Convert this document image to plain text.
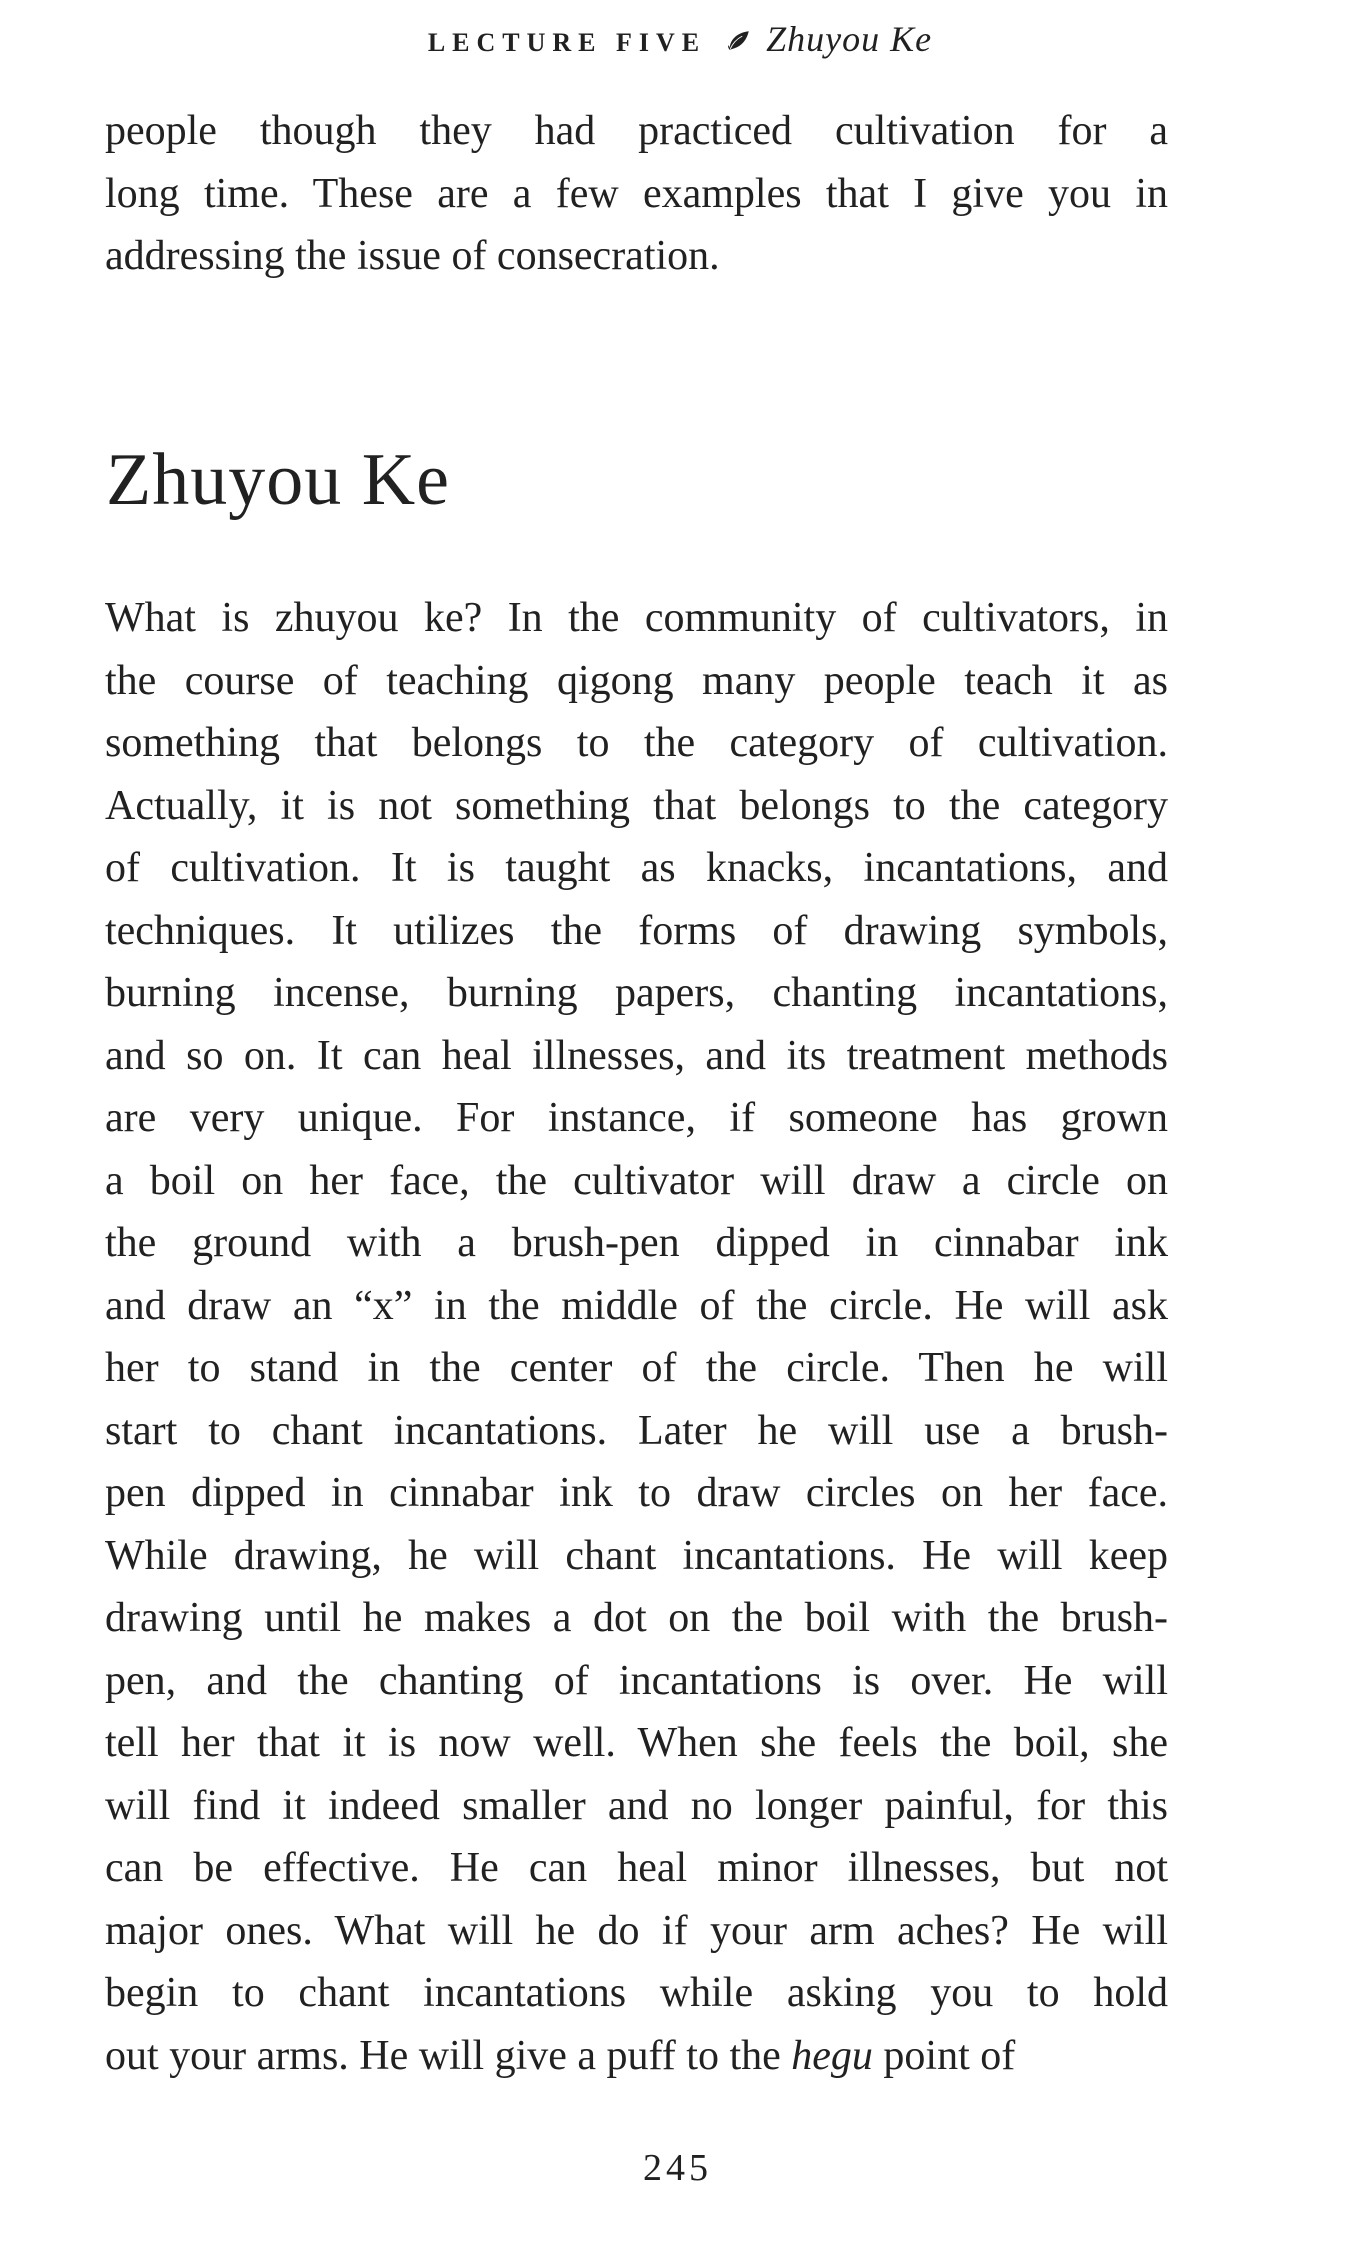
LECTURE FIVE Zhuyou Ke
people though they had practiced cultivation for a
long time. These are a few examples that I give you in
addressing the issue of consecration.
Zhuyou Ke
What is zhuyou ke? In the community of cultivators, in
the course of teaching qigong many people teach it as
something that belongs to the category of cultivation.
Actually, it is not something that belongs to the category
of cultivation. It is taught as knacks, incantations, and
techniques. It utilizes the forms of drawing symbols,
burning incense, burning papers, chanting incantations,
and so on. It can heal illnesses, and its treatment methods
are very unique. For instance, if someone has grown
a boil on her face, the cultivator will draw a circle on
the ground with a brush-pen dipped in cinnabar ink
and draw an “x” in the middle of the circle. He will ask
her to stand in the center of the circle. Then he will
start to chant incantations. Later he will use a brush-
pen dipped in cinnabar ink to draw circles on her face.
While drawing, he will chant incantations. He will keep
drawing until he makes a dot on the boil with the brush-
pen, and the chanting of incantations is over. He will
tell her that it is now well. When she feels the boil, she
will find it indeed smaller and no longer painful, for this
can be effective. He can heal minor illnesses, but not
major ones. What will he do if your arm aches? He will
begin to chant incantations while asking you to hold
out your arms. He will give a puff to the hegu point of
245
